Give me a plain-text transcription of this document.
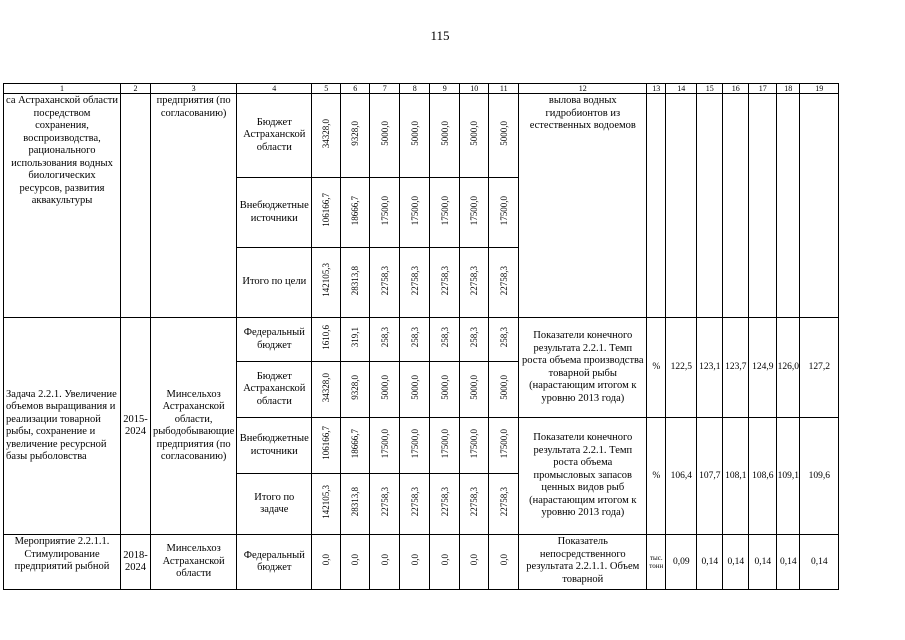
115
1	2	3	4	5	6	7	8	9	10	11	12	13	14	15	16	17	18	19
са Астраханской области посредством сохранения, воспроизводства, рационального использования водных биологических ресурсов, развития аквакультуры		предприятия (по согласованию)	Бюджет Астраханской области	34328,0	9328,0	5000,0	5000,0	5000,0	5000,0	5000,0	вылова водных гидробионтов из естественных водоемов							
			Внебюджетные источники	106166,7	18666,7	17500,0	17500,0	17500,0	17500,0	17500,0								
			Итого по цели	142105,3	28313,8	22758,3	22758,3	22758,3	22758,3	22758,3								
Задача 2.2.1. Увеличение объемов выращивания и реализации товарной рыбы, сохранение и увеличение ресурсной базы рыболовства	2015-2024	Минсельхоз Астраханской области, рыбодобывающие предприятия (по согласованию)	Федеральный бюджет	1610,6	319,1	258,3	258,3	258,3	258,3	258,3	Показатели конечного результата 2.2.1. Темп роста объема производства товарной рыбы (нарастающим итогом к уровню 2013 года)	%	122,5	123,1	123,7	124,9	126,0	127,2
			Бюджет Астраханской области	34328,0	9328,0	5000,0	5000,0	5000,0	5000,0	5000,0								
			Внебюджетные источники	106166,7	18666,7	17500,0	17500,0	17500,0	17500,0	17500,0	Показатели конечного результата 2.2.1. Темп роста объема промысловых запасов ценных видов рыб (нарастающим итогом к уровню 2013 года)	%	106,4	107,7	108,1	108,6	109,1	109,6
			Итого по задаче	142105,3	28313,8	22758,3	22758,3	22758,3	22758,3	22758,3								
Мероприятие 2.2.1.1. Стимулирование предприятий рыбной	2018-2024	Минсельхоз Астраханской области	Федеральный бюджет	0,0	0,0	0,0	0,0	0,0	0,0	0,0	Показатель непосредственного результата 2.2.1.1. Объем товарной	тыс. тонн	0,09	0,14	0,14	0,14	0,14	0,14
